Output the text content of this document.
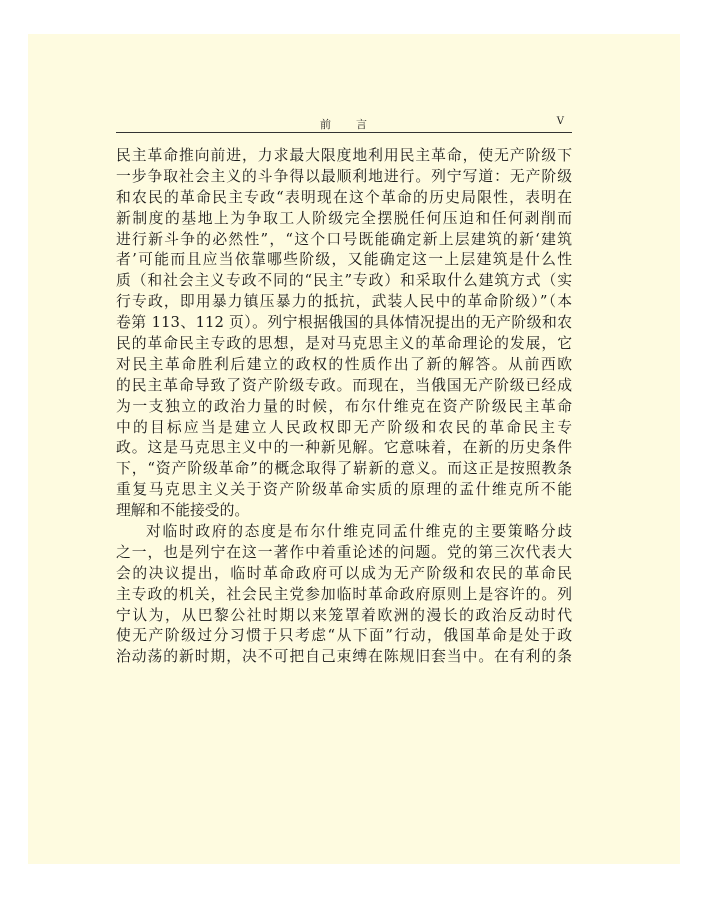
前　　言	V
民主革命推向前进，力求最大限度地利用民主革命，使无产阶级下
一步争取社会主义的斗争得以最顺利地进行。列宁写道：无产阶级
和农民的革命民主专政“表明现在这个革命的历史局限性，表明在
新制度的基地上为争取工人阶级完全摆脱任何压迫和任何剥削而
进行新斗争的必然性”，“这个口号既能确定新上层建筑的新‘建筑
者’可能而且应当依靠哪些阶级，又能确定这一上层建筑是什么性
质（和社会主义专政不同的“民主”专政）和采取什么建筑方式（实
行专政，即用暴力镇压暴力的抵抗，武装人民中的革命阶级）”（本
卷第 113、112 页）。列宁根据俄国的具体情况提出的无产阶级和农
民的革命民主专政的思想，是对马克思主义的革命理论的发展，它
对民主革命胜利后建立的政权的性质作出了新的解答。从前西欧
的民主革命导致了资产阶级专政。而现在，当俄国无产阶级已经成
为一支独立的政治力量的时候，布尔什维克在资产阶级民主革命
中的目标应当是建立人民政权即无产阶级和农民的革命民主专
政。这是马克思主义中的一种新见解。它意味着，在新的历史条件
下，“资产阶级革命”的概念取得了崭新的意义。而这正是按照教条
重复马克思主义关于资产阶级革命实质的原理的孟什维克所不能
理解和不能接受的。
对临时政府的态度是布尔什维克同孟什维克的主要策略分歧
之一，也是列宁在这一著作中着重论述的问题。党的第三次代表大
会的决议提出，临时革命政府可以成为无产阶级和农民的革命民
主专政的机关，社会民主党参加临时革命政府原则上是容许的。列
宁认为，从巴黎公社时期以来笼罩着欧洲的漫长的政治反动时代
使无产阶级过分习惯于只考虑“从下面”行动，俄国革命是处于政
治动荡的新时期，决不可把自己束缚在陈规旧套当中。在有利的条
